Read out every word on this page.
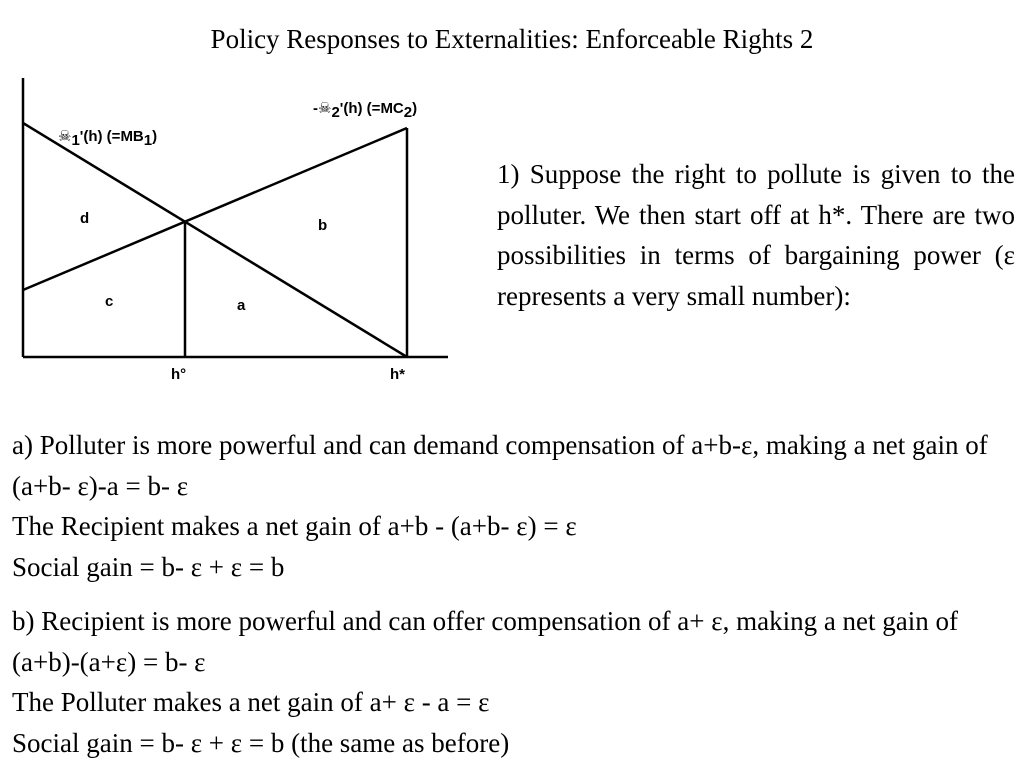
Policy Responses to Externalities: Enforceable Rights 2
-☠2'(h) (=MC2)
☠1'(h) (=MB1)
d	b
c	a
h°	h*
1) Suppose the right to pollute is given to the polluter. We then start off at h*. There are two possibilities in terms of bargaining power (ε represents a very small number):

a) Polluter is more powerful and can demand compensation of a+b-ε, making a net gain of (a+b- ε)-a = b- ε

The Recipient makes a net gain of a+b - (a+b- ε) = ε

Social gain = b- ε + ε = b

b) Recipient is more powerful and can offer compensation of a+ ε, making a net gain of (a+b)-(a+ε) = b- ε

The Polluter makes a net gain of a+ ε - a = ε

Social gain = b- ε + ε = b (the same as before)
